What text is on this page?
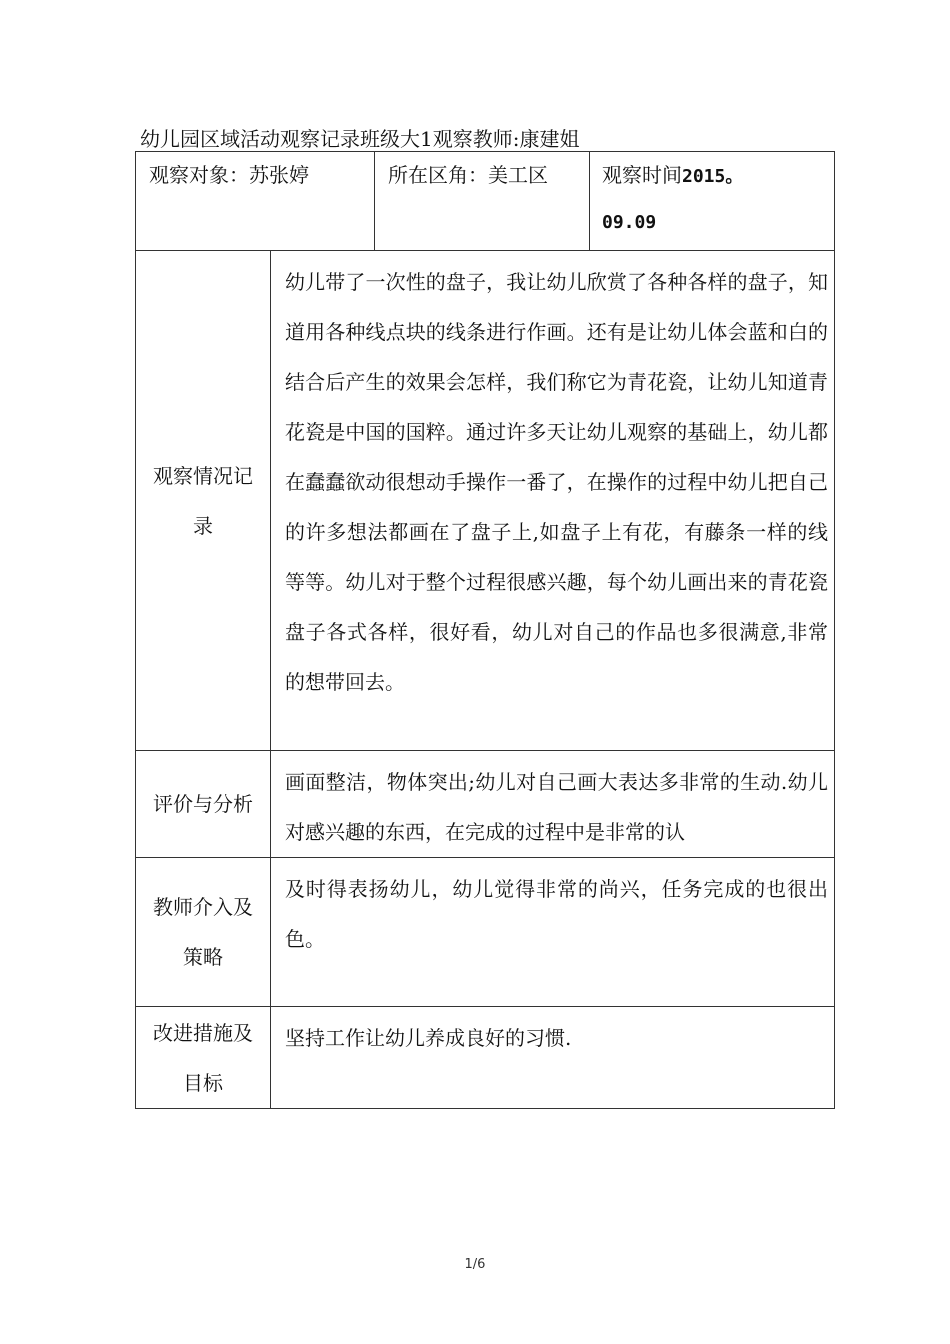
幼儿园区域活动观察记录班级大1观察教师:康建姐
观察对象：苏张婷		所在区角：美工区	观察时间2015。
09.09

观察情况记录	幼儿带了一次性的盘子，我让幼儿欣赏了各种各样的盘子，知道用各种线点块的线条进行作画。还有是让幼儿体会蓝和白的结合后产生的效果会怎样，我们称它为青花瓷，让幼儿知道青花瓷是中国的国粹。通过许多天让幼儿观察的基础上，幼儿都在蠢蠢欲动很想动手操作一番了，在操作的过程中幼儿把自己的许多想法都画在了盘子上,如盘子上有花，有藤条一样的线等等。幼儿对于整个过程很感兴趣，每个幼儿画出来的青花瓷盘子各式各样，很好看，幼儿对自己的作品也多很满意,非常的想带回去。		
评价与分析	画面整洁，物体突出;幼儿对自己画大表达多非常的生动.幼儿对感兴趣的东西，在完成的过程中是非常的认		
教师介入及策略	及时得表扬幼儿，幼儿觉得非常的尚兴，任务完成的也很出色。		
改进措施及目标	坚持工作让幼儿养成良好的习惯.		
1/6
